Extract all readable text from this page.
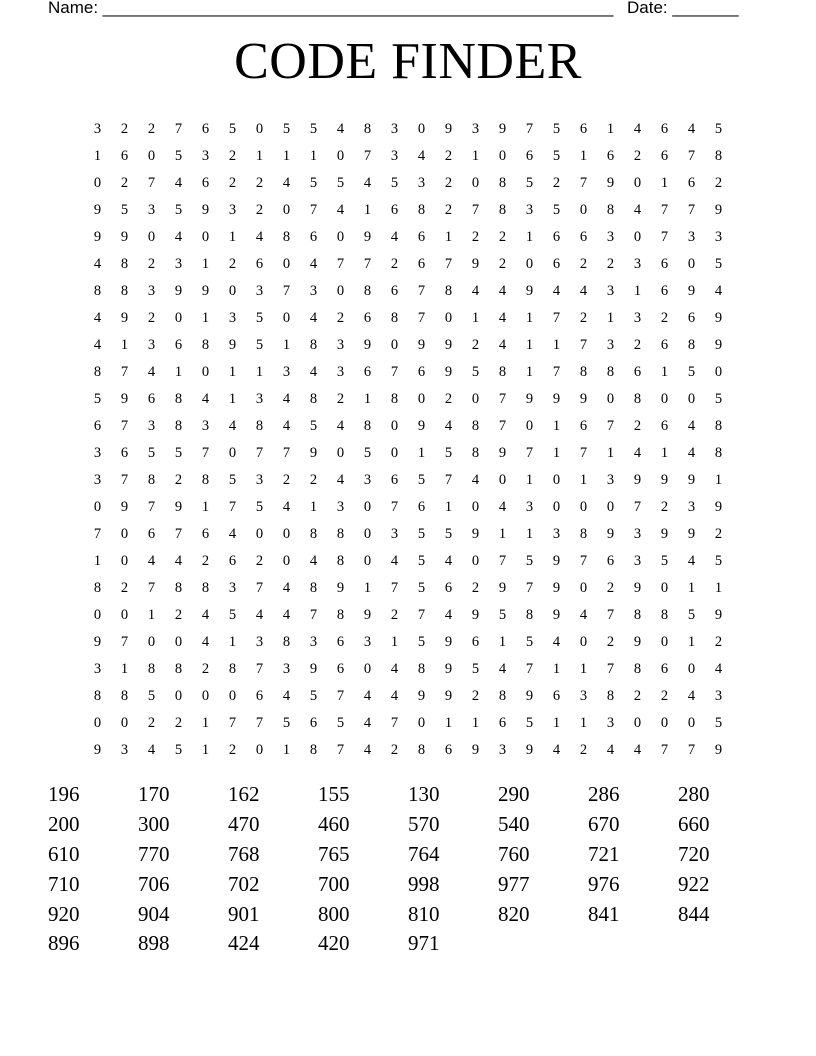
Name: ______________________________________________________ Date: _______
CODE FINDER
3	2	2	7	6	5	0	5	5	4	8	3	0	9	3	9	7	5	6	1	4	6	4	5
1	6	0	5	3	2	1	1	1	0	7	3	4	2	1	0	6	5	1	6	2	6	7	8
0	2	7	4	6	2	2	4	5	5	4	5	3	2	0	8	5	2	7	9	0	1	6	2
9	5	3	5	9	3	2	0	7	4	1	6	8	2	7	8	3	5	0	8	4	7	7	9
9	9	0	4	0	1	4	8	6	0	9	4	6	1	2	2	1	6	6	3	0	7	3	3
4	8	2	3	1	2	6	0	4	7	7	2	6	7	9	2	0	6	2	2	3	6	0	5
8	8	3	9	9	0	3	7	3	0	8	6	7	8	4	4	9	4	4	3	1	6	9	4
4	9	2	0	1	3	5	0	4	2	6	8	7	0	1	4	1	7	2	1	3	2	6	9
4	1	3	6	8	9	5	1	8	3	9	0	9	9	2	4	1	1	7	3	2	6	8	9
8	7	4	1	0	1	1	3	4	3	6	7	6	9	5	8	1	7	8	8	6	1	5	0
5	9	6	8	4	1	3	4	8	2	1	8	0	2	0	7	9	9	9	0	8	0	0	5
6	7	3	8	3	4	8	4	5	4	8	0	9	4	8	7	0	1	6	7	2	6	4	8
3	6	5	5	7	0	7	7	9	0	5	0	1	5	8	9	7	1	7	1	4	1	4	8
3	7	8	2	8	5	3	2	2	4	3	6	5	7	4	0	1	0	1	3	9	9	9	1
0	9	7	9	1	7	5	4	1	3	0	7	6	1	0	4	3	0	0	0	7	2	3	9
7	0	6	7	6	4	0	0	8	8	0	3	5	5	9	1	1	3	8	9	3	9	9	2
1	0	4	4	2	6	2	0	4	8	0	4	5	4	0	7	5	9	7	6	3	5	4	5
8	2	7	8	8	3	7	4	8	9	1	7	5	6	2	9	7	9	0	2	9	0	1	1
0	0	1	2	4	5	4	4	7	8	9	2	7	4	9	5	8	9	4	7	8	8	5	9
9	7	0	0	4	1	3	8	3	6	3	1	5	9	6	1	5	4	0	2	9	0	1	2
3	1	8	8	2	8	7	3	9	6	0	4	8	9	5	4	7	1	1	7	8	6	0	4
8	8	5	0	0	0	6	4	5	7	4	4	9	9	2	8	9	6	3	8	2	2	4	3
0	0	2	2	1	7	7	5	6	5	4	7	0	1	1	6	5	1	1	3	0	0	0	5
9	3	4	5	1	2	0	1	8	7	4	2	8	6	9	3	9	4	2	4	4	7	7	9
196	170	162	155	130	290	286	280
200	300	470	460	570	540	670	660
610	770	768	765	764	760	721	720
710	706	702	700	998	977	976	922
920	904	901	800	810	820	841	844
896	898	424	420	971
